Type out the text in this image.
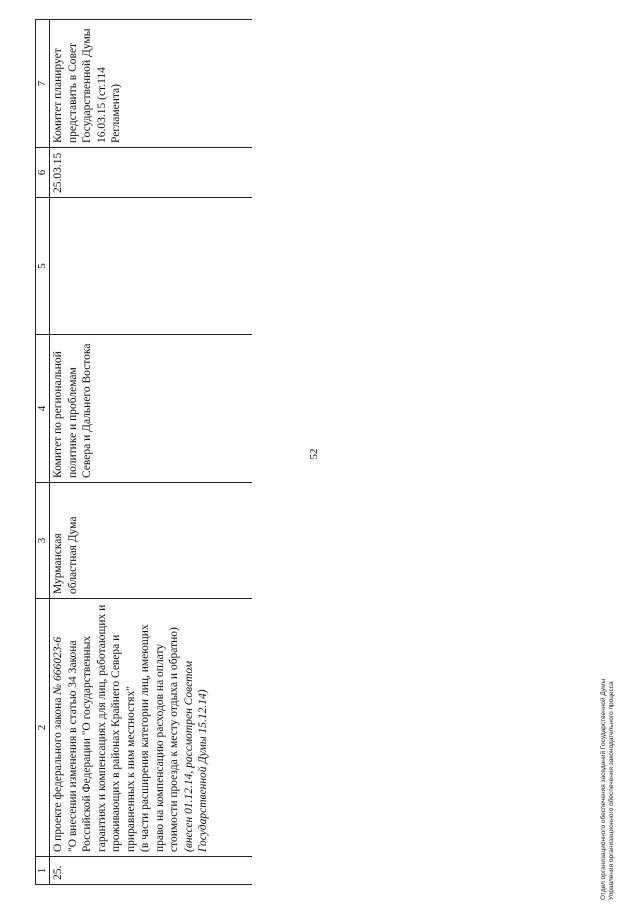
52
1	2	3	4	5	6	7
25.	О проекте федерального закона № 666023-6 "О внесении изменения в статью 34 Закона Российской Федерации "О государственных гарантиях и компенсациях для лиц, работающих и проживающих в районах Крайнего Севера и приравненных к ним местностях" (в части расширения категории лиц, имеющих право на компенсацию расходов на оплату стоимости проезда к месту отдыха и обратно) (внесен 01.12.14, рассмотрен Советом Государственной Думы 15.12.14)	Мурманская областная Дума	Комитет по региональной политике и проблемам Севера и Дальнего Востока		25.03.15	Комитет планирует представить в Совет Государственной Думы 16.03.15 (ст.114 Регламента)
Отдел организационного обеспечения заседаний Государственной Думы Управления организационного обеспечения законодательного процесса
